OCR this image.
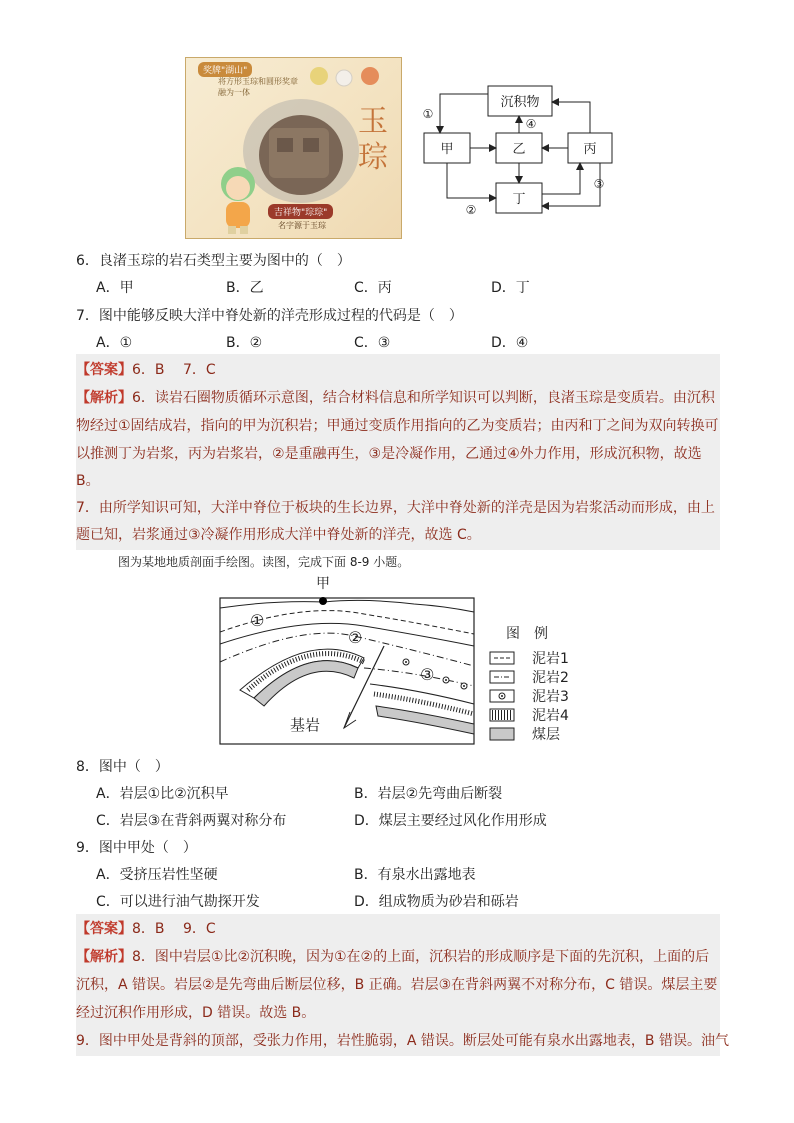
奖牌"湖山"
将方形玉琮和圆形奖章
融为一体
玉
琮
吉祥物"琮琮"
名字源于玉琮
沉积物
甲	乙	丙
丁
①
④
②
③
6．良渚玉琮的岩石类型主要为图中的（　）
A．甲	B．乙	C．丙	D．丁
7．图中能够反映大洋中脊处新的洋壳形成过程的代码是（　）
A．①	B．②	C．③	D．④
【答案】6．B　 7．C
【解析】6．读岩石圈物质循环示意图，结合材料信息和所学知识可以判断，良渚玉琮是变质岩。由沉积
物经过①固结成岩，指向的甲为沉积岩；甲通过变质作用指向的乙为变质岩；由丙和丁之间为双向转换可
以推测丁为岩浆，丙为岩浆岩，②是重融再生，③是冷凝作用，乙通过④外力作用，形成沉积物，故选
B。
7．由所学知识可知，大洋中脊位于板块的生长边界，大洋中脊处新的洋壳是因为岩浆活动而形成，由上
题已知，岩浆通过③冷凝作用形成大洋中脊处新的洋壳，故选 C。
图为某地地质剖面手绘图。读图，完成下面 8-9 小题。
甲
①
②
③
基岩
图　例
泥岩1
泥岩2
泥岩3
泥岩4
煤层
8．图中（　）
A．岩层①比②沉积早	B．岩层②先弯曲后断裂
C．岩层③在背斜两翼对称分布	D．煤层主要经过风化作用形成
9．图中甲处（　）
A．受挤压岩性坚硬	B．有泉水出露地表
C．可以进行油气勘探开发	D．组成物质为砂岩和砾岩
【答案】8．B　 9．C
【解析】8．图中岩层①比②沉积晚，因为①在②的上面，沉积岩的形成顺序是下面的先沉积，上面的后
沉积，A 错误。岩层②是先弯曲后断层位移，B 正确。岩层③在背斜两翼不对称分布，C 错误。煤层主要
经过沉积作用形成，D 错误。故选 B。
9．图中甲处是背斜的顶部，受张力作用，岩性脆弱，A 错误。断层处可能有泉水出露地表，B 错误。油气
